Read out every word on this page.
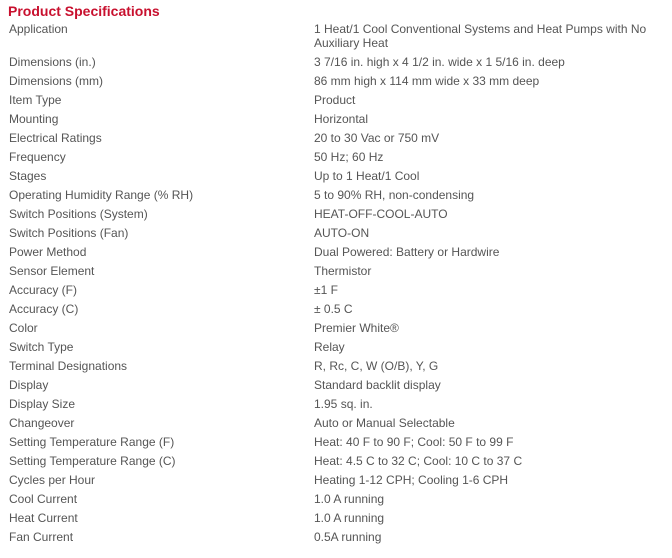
Product Specifications
Application	1 Heat/1 Cool Conventional Systems and Heat Pumps with No Auxiliary Heat
Dimensions (in.)	3 7/16 in. high x 4 1/2 in. wide x 1 5/16 in. deep
Dimensions (mm)	86 mm high x 114 mm wide x 33 mm deep
Item Type	Product
Mounting	Horizontal
Electrical Ratings	20 to 30 Vac or 750 mV
Frequency	50 Hz; 60 Hz
Stages	Up to 1 Heat/1 Cool
Operating Humidity Range (% RH)	5 to 90% RH, non-condensing
Switch Positions (System)	HEAT-OFF-COOL-AUTO
Switch Positions (Fan)	AUTO-ON
Power Method	Dual Powered: Battery or Hardwire
Sensor Element	Thermistor
Accuracy (F)	±1 F
Accuracy (C)	± 0.5 C
Color	Premier White®
Switch Type	Relay
Terminal Designations	R, Rc, C, W (O/B), Y, G
Display	Standard backlit display
Display Size	1.95 sq. in.
Changeover	Auto or Manual Selectable
Setting Temperature Range (F)	Heat: 40 F to 90 F; Cool: 50 F to 99 F
Setting Temperature Range (C)	Heat: 4.5 C to 32 C; Cool: 10 C to 37 C
Cycles per Hour	Heating 1-12 CPH; Cooling 1-6 CPH
Cool Current	1.0 A running
Heat Current	1.0 A running
Fan Current	0.5A running
